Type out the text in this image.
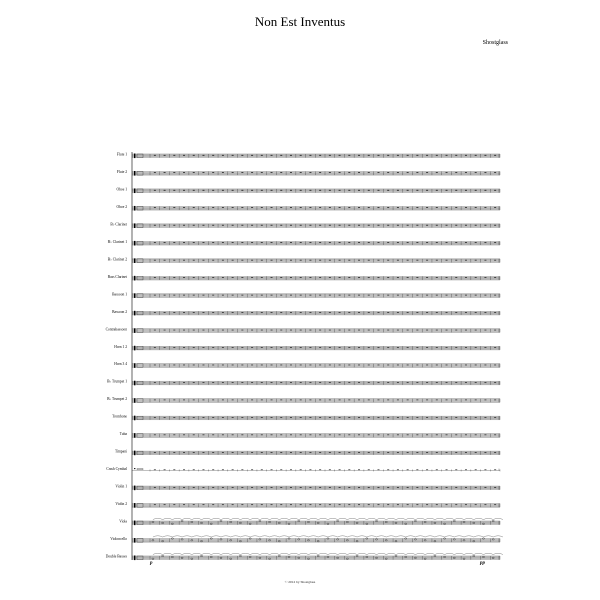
Non Est Inventus
Shostglass
Flute 1
Flute 2
Oboe 1
Oboe 2
B♭ Clarinet
B♭ Clarinet 1
B♭ Clarinet 2
Bass Clarinet
Bassoon 1
Bassoon 2
Contrabassoon
Horn 1 2
Horn 3 4
B♭ Trumpet 1
B♭ Trumpet 2
Trombone
Tuba
Timpani
Crash Cymbal
Violin 1
Violin 2
Viola
Violoncello
Double Basses
p	pp
© 2012 by Shostglass
